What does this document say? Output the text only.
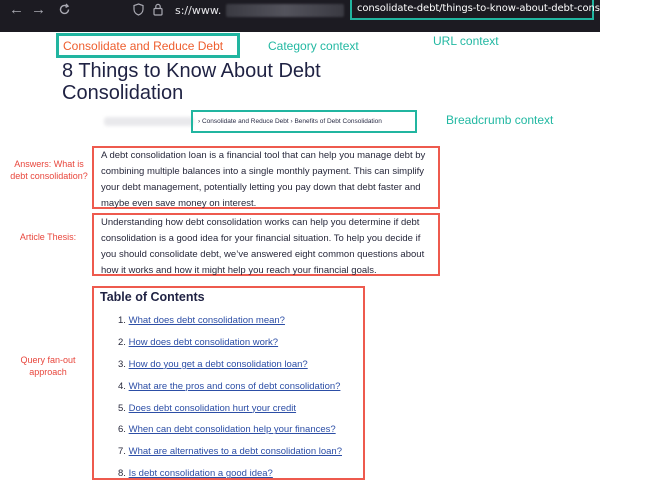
← →	s://www.	consolidate-debt/things-to-know-about-debt-consolidation/
URL context
Consolidate and Reduce Debt	Category context
8 Things to Know About Debt Consolidation
› Consolidate and Reduce Debt › Benefits of Debt Consolidation	Breadcrumb context
Answers: What is debt consolidation?

A debt consolidation loan is a financial tool that can help you manage debt by combining multiple balances into a single monthly payment. This can simplify your debt management, potentially letting you pay down that debt faster and maybe even save money on interest.

Article Thesis:

Understanding how debt consolidation works can help you determine if debt consolidation is a good idea for your financial situation. To help you decide if you should consolidate debt, we’ve answered eight common questions about how it works and how it might help you reach your financial goals.

Query fan-out approach
Table of Contents
1. What does debt consolidation mean?
2. How does debt consolidation work?
3. How do you get a debt consolidation loan?
4. What are the pros and cons of debt consolidation?
5. Does debt consolidation hurt your credit
6. When can debt consolidation help your finances?
7. What are alternatives to a debt consolidation loan?
8. Is debt consolidation a good idea?
